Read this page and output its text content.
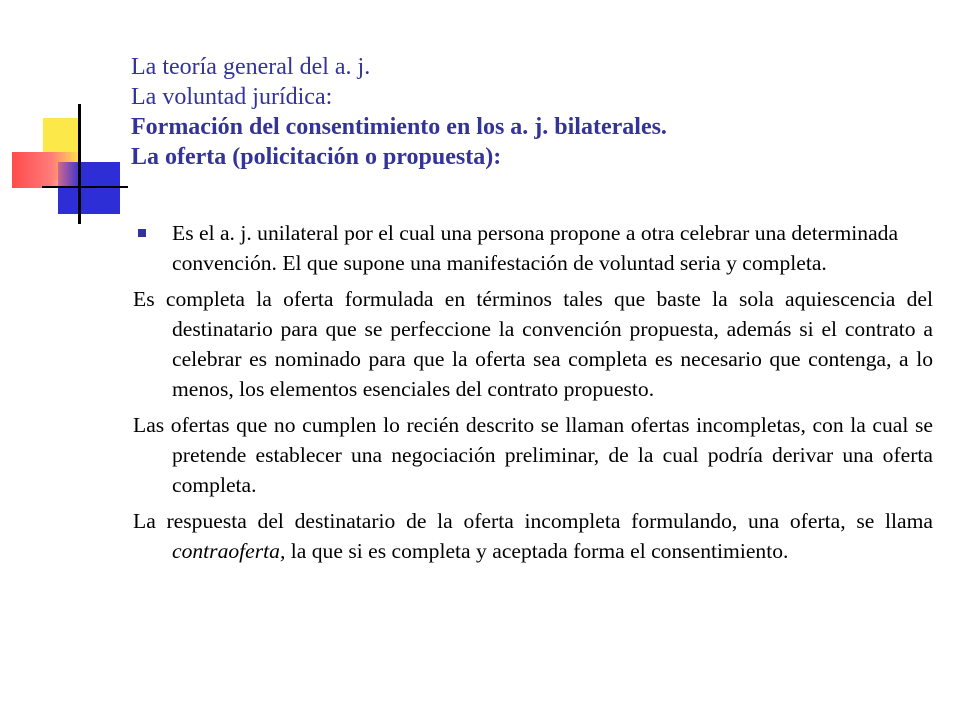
La teoría general del a. j.
La voluntad jurídica:
Formación del consentimiento en los a. j. bilaterales.
La oferta (policitación o propuesta):
Es el a. j. unilateral por el cual una persona propone a otra celebrar una determinada convención. El que supone una manifestación de voluntad seria y completa.
Es completa la oferta formulada en términos tales que baste la sola aquiescencia del destinatario para que se perfeccione la convención propuesta, además si el contrato a celebrar es nominado para que la oferta sea completa es necesario que contenga, a lo menos, los elementos esenciales del contrato propuesto.
Las ofertas que no cumplen lo recién descrito se llaman ofertas incompletas, con la cual se pretende establecer una negociación preliminar, de la cual podría derivar una oferta completa.
La respuesta del destinatario de la oferta incompleta formulando, una oferta, se llama contraoferta, la que si es completa y aceptada forma el consentimiento.
